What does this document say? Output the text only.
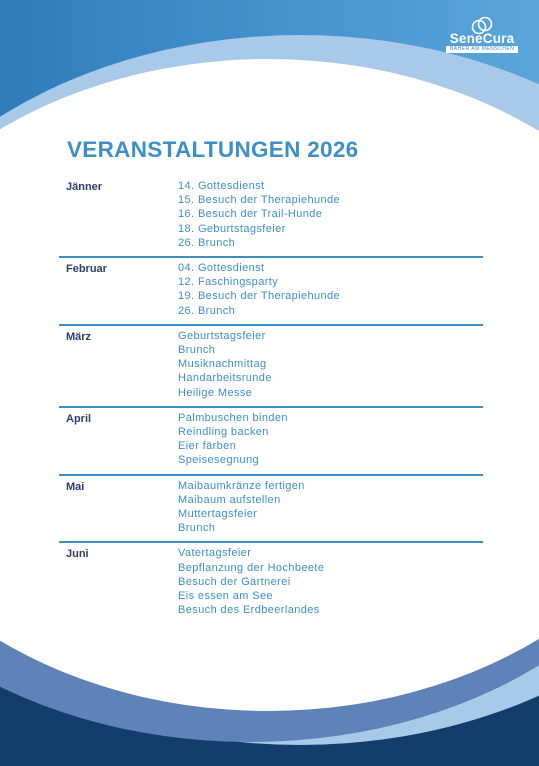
SeneCura
NAHER AM MENSCHEN
VERANSTALTUNGEN 2026
Jänner	14. Gottesdienst
15. Besuch der Therapiehunde
16. Besuch der Trail-Hunde
18. Geburtstagsfeier
26. Brunch
Februar	04. Gottesdienst
12. Faschingsparty
19. Besuch der Therapiehunde
26. Brunch
März	Geburtstagsfeier
Brunch
Musiknachmittag
Handarbeitsrunde
Heilige Messe
April	Palmbuschen binden
Reindling backen
Eier färben
Speisesegnung
Mai	Maibaumkränze fertigen
Maibaum aufstellen
Muttertagsfeier
Brunch
Juni	Vatertagsfeier
Bepflanzung der Hochbeete
Besuch der Gärtnerei
Eis essen am See
Besuch des Erdbeerlandes
